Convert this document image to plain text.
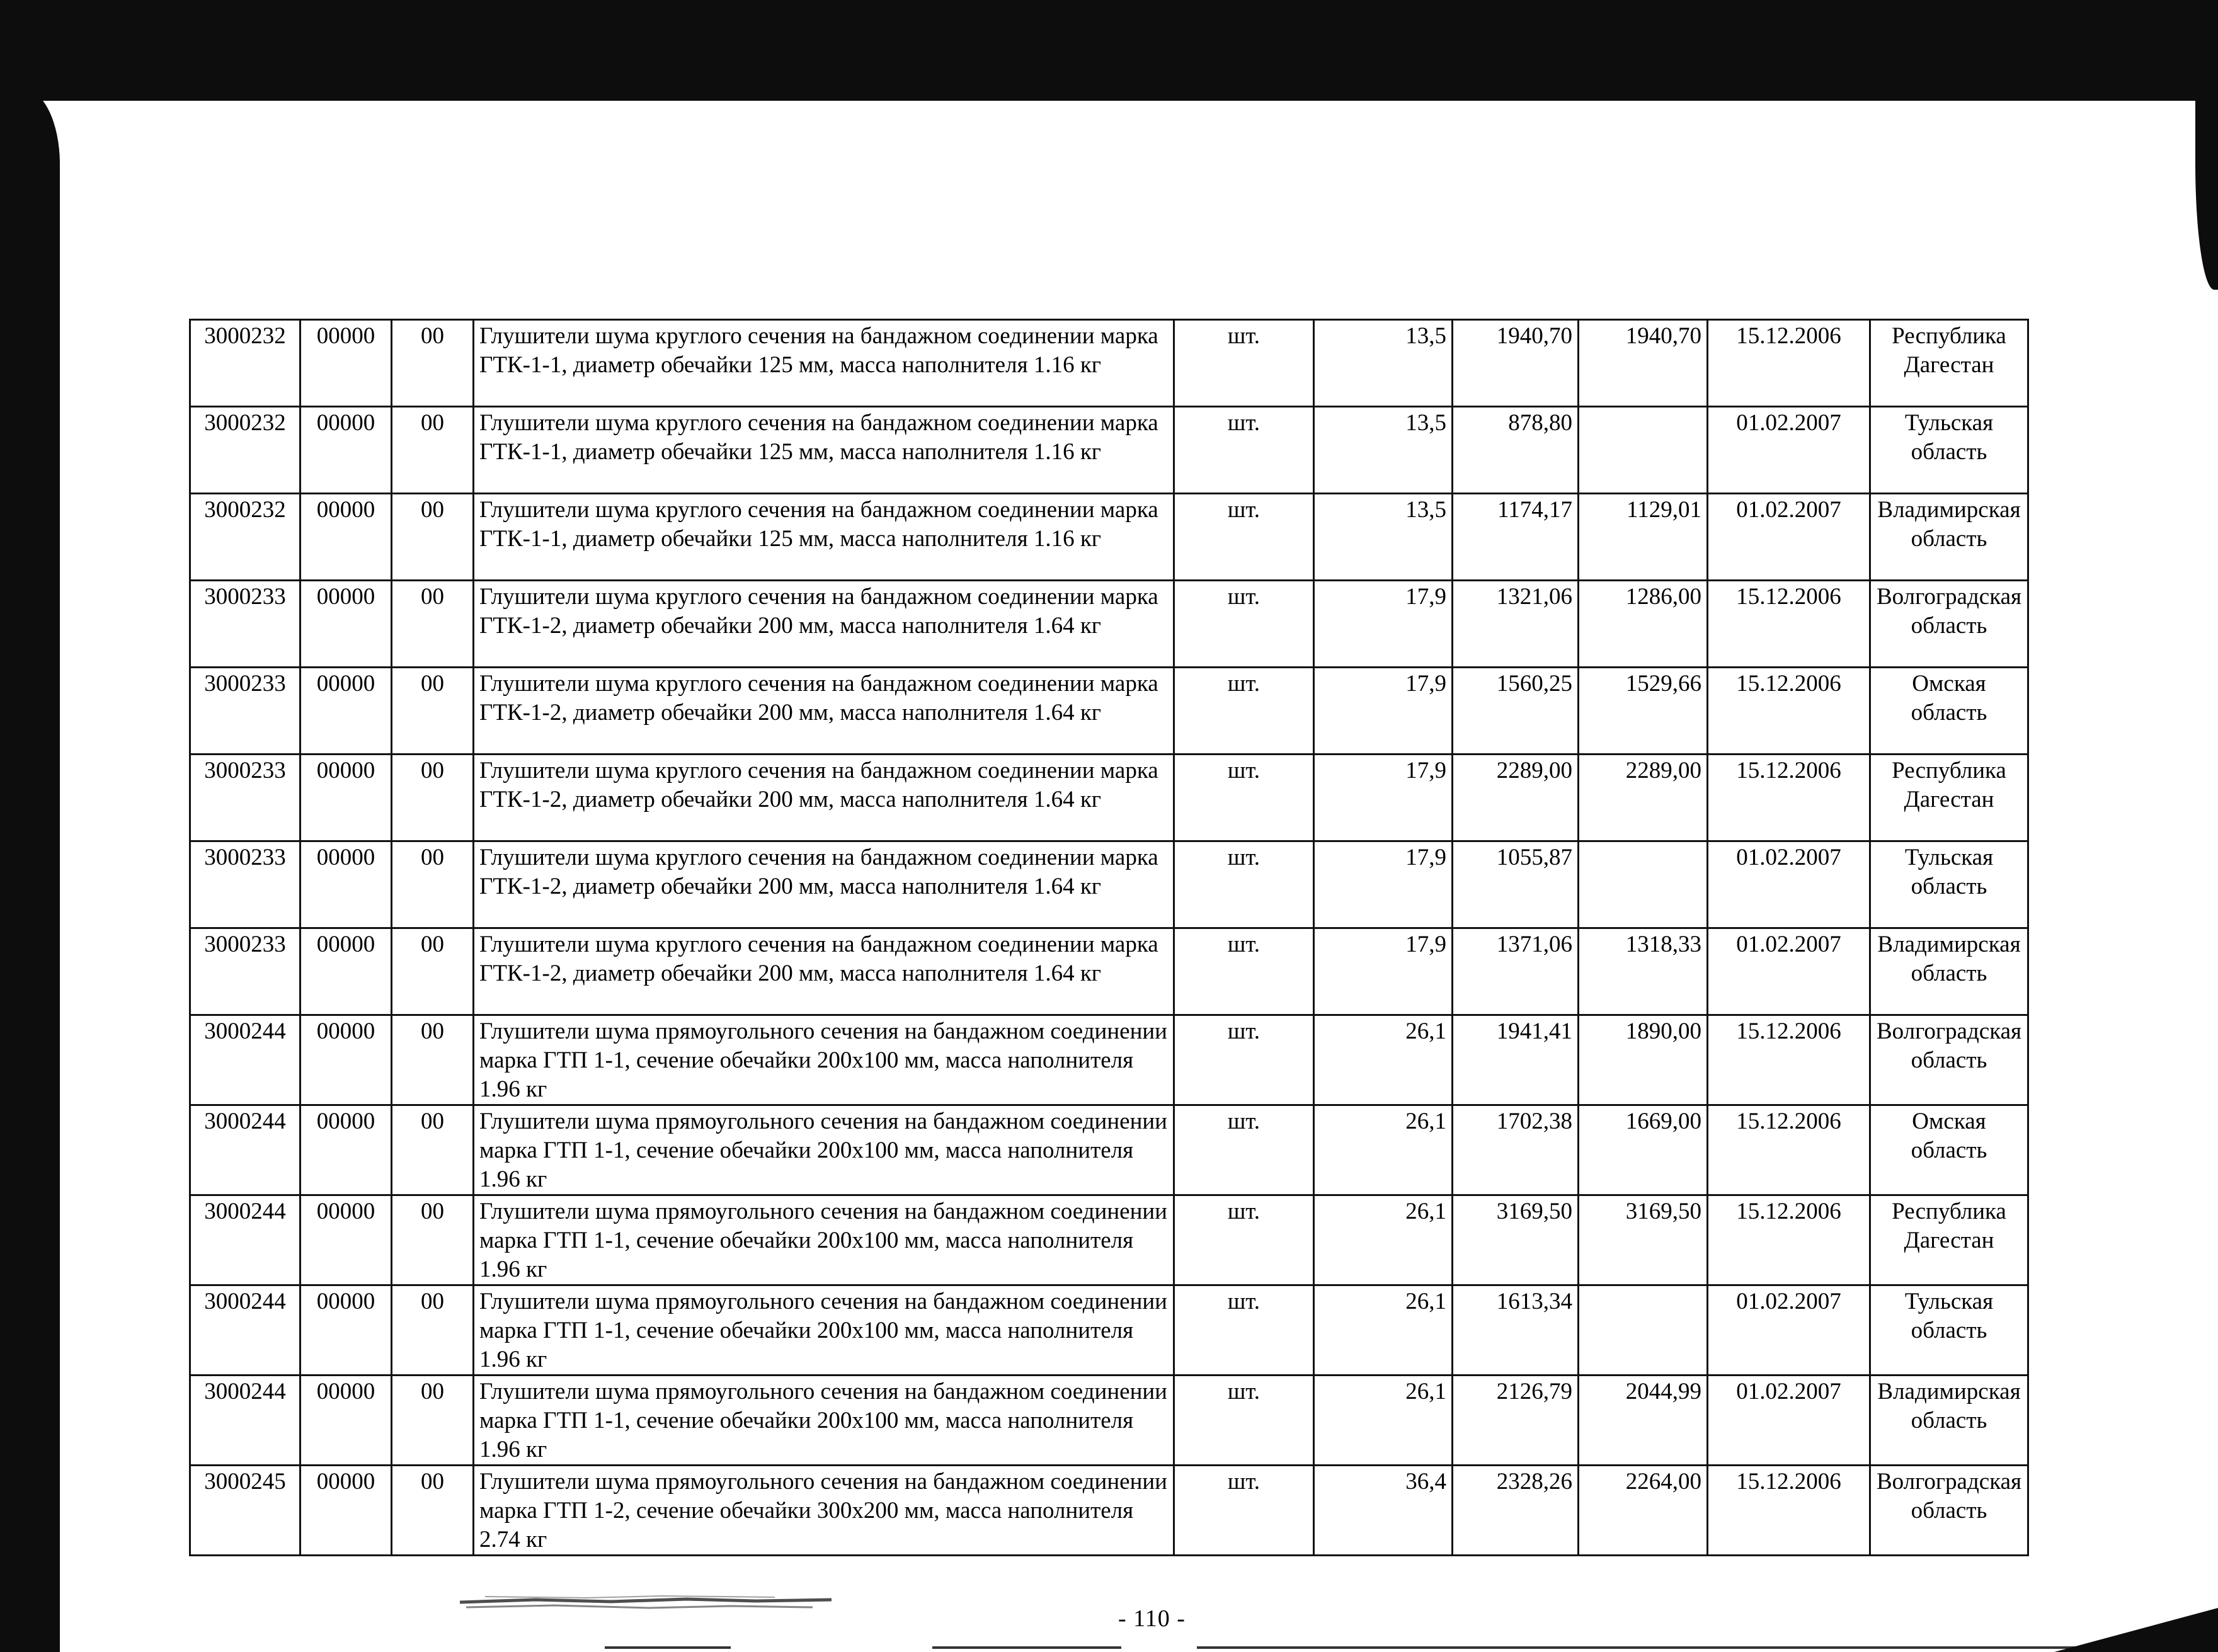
3000232	00000	00	Глушители шума круглого сечения на бандажном соединении марка ГТК-1-1, диаметр обечайки 125 мм, масса наполнителя 1.16 кг	шт.	13,5	1940,70	1940,70	15.12.2006	Республика Дагестан
3000232	00000	00	Глушители шума круглого сечения на бандажном соединении марка ГТК-1-1, диаметр обечайки 125 мм, масса наполнителя 1.16 кг	шт.	13,5	878,80		01.02.2007	Тульская область
3000232	00000	00	Глушители шума круглого сечения на бандажном соединении марка ГТК-1-1, диаметр обечайки 125 мм, масса наполнителя 1.16 кг	шт.	13,5	1174,17	1129,01	01.02.2007	Владимирская область
3000233	00000	00	Глушители шума круглого сечения на бандажном соединении марка ГТК-1-2, диаметр обечайки 200 мм, масса наполнителя 1.64 кг	шт.	17,9	1321,06	1286,00	15.12.2006	Волгоградская область
3000233	00000	00	Глушители шума круглого сечения на бандажном соединении марка ГТК-1-2, диаметр обечайки 200 мм, масса наполнителя 1.64 кг	шт.	17,9	1560,25	1529,66	15.12.2006	Омская область
3000233	00000	00	Глушители шума круглого сечения на бандажном соединении марка ГТК-1-2, диаметр обечайки 200 мм, масса наполнителя 1.64 кг	шт.	17,9	2289,00	2289,00	15.12.2006	Республика Дагестан
3000233	00000	00	Глушители шума круглого сечения на бандажном соединении марка ГТК-1-2, диаметр обечайки 200 мм, масса наполнителя 1.64 кг	шт.	17,9	1055,87		01.02.2007	Тульская область
3000233	00000	00	Глушители шума круглого сечения на бандажном соединении марка ГТК-1-2, диаметр обечайки 200 мм, масса наполнителя 1.64 кг	шт.	17,9	1371,06	1318,33	01.02.2007	Владимирская область
3000244	00000	00	Глушители шума прямоугольного сечения на бандажном соединении марка ГТП 1-1, сечение обечайки 200x100 мм, масса наполнителя 1.96 кг	шт.	26,1	1941,41	1890,00	15.12.2006	Волгоградская область
3000244	00000	00	Глушители шума прямоугольного сечения на бандажном соединении марка ГТП 1-1, сечение обечайки 200x100 мм, масса наполнителя 1.96 кг	шт.	26,1	1702,38	1669,00	15.12.2006	Омская область
3000244	00000	00	Глушители шума прямоугольного сечения на бандажном соединении марка ГТП 1-1, сечение обечайки 200x100 мм, масса наполнителя 1.96 кг	шт.	26,1	3169,50	3169,50	15.12.2006	Республика Дагестан
3000244	00000	00	Глушители шума прямоугольного сечения на бандажном соединении марка ГТП 1-1, сечение обечайки 200x100 мм, масса наполнителя 1.96 кг	шт.	26,1	1613,34		01.02.2007	Тульская область
3000244	00000	00	Глушители шума прямоугольного сечения на бандажном соединении марка ГТП 1-1, сечение обечайки 200x100 мм, масса наполнителя 1.96 кг	шт.	26,1	2126,79	2044,99	01.02.2007	Владимирская область
3000245	00000	00	Глушители шума прямоугольного сечения на бандажном соединении марка ГТП 1-2, сечение обечайки 300x200 мм, масса наполнителя 2.74 кг	шт.	36,4	2328,26	2264,00	15.12.2006	Волгоградская область
- 110 -
